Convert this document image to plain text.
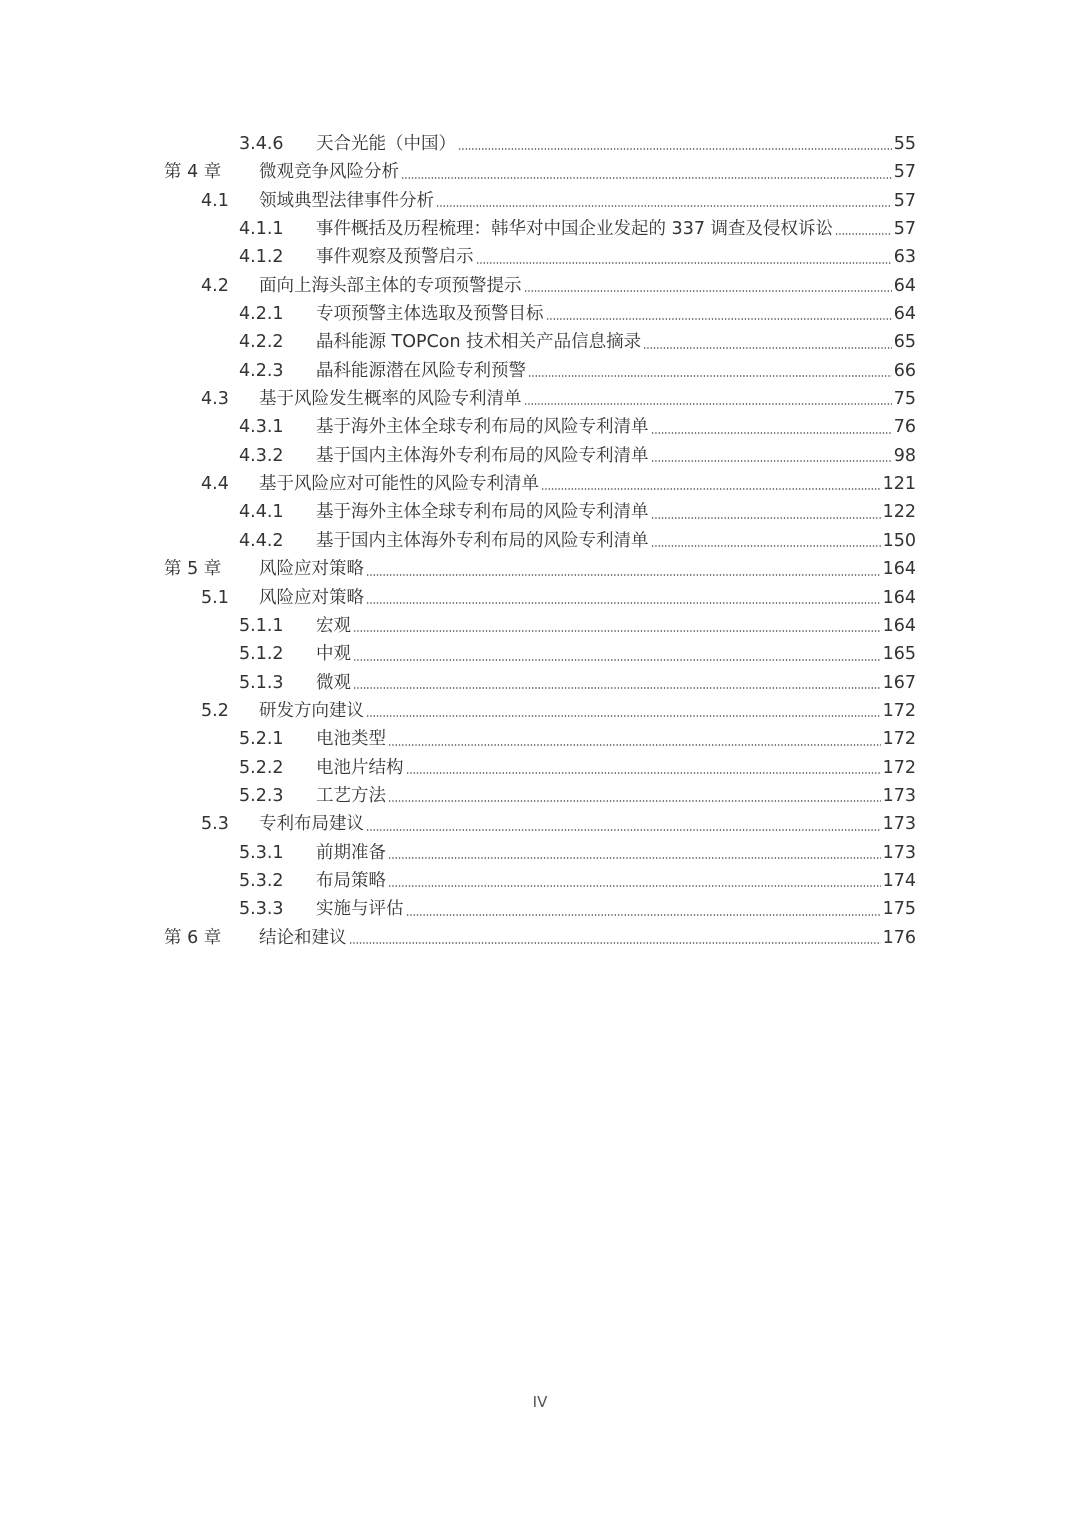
3.4.6	天合光能（中国）	55
第 4 章	微观竞争风险分析	57
4.1	领域典型法律事件分析	57
4.1.1	事件概括及历程梳理：韩华对中国企业发起的 337 调查及侵权诉讼	57
4.1.2	事件观察及预警启示	63
4.2	面向上海头部主体的专项预警提示	64
4.2.1	专项预警主体选取及预警目标	64
4.2.2	晶科能源 TOPCon 技术相关产品信息摘录	65
4.2.3	晶科能源潜在风险专利预警	66
4.3	基于风险发生概率的风险专利清单	75
4.3.1	基于海外主体全球专利布局的风险专利清单	76
4.3.2	基于国内主体海外专利布局的风险专利清单	98
4.4	基于风险应对可能性的风险专利清单	121
4.4.1	基于海外主体全球专利布局的风险专利清单	122
4.4.2	基于国内主体海外专利布局的风险专利清单	150
第 5 章	风险应对策略	164
5.1	风险应对策略	164
5.1.1	宏观	164
5.1.2	中观	165
5.1.3	微观	167
5.2	研发方向建议	172
5.2.1	电池类型	172
5.2.2	电池片结构	172
5.2.3	工艺方法	173
5.3	专利布局建议	173
5.3.1	前期准备	173
5.3.2	布局策略	174
5.3.3	实施与评估	175
第 6 章	结论和建议	176
IV
